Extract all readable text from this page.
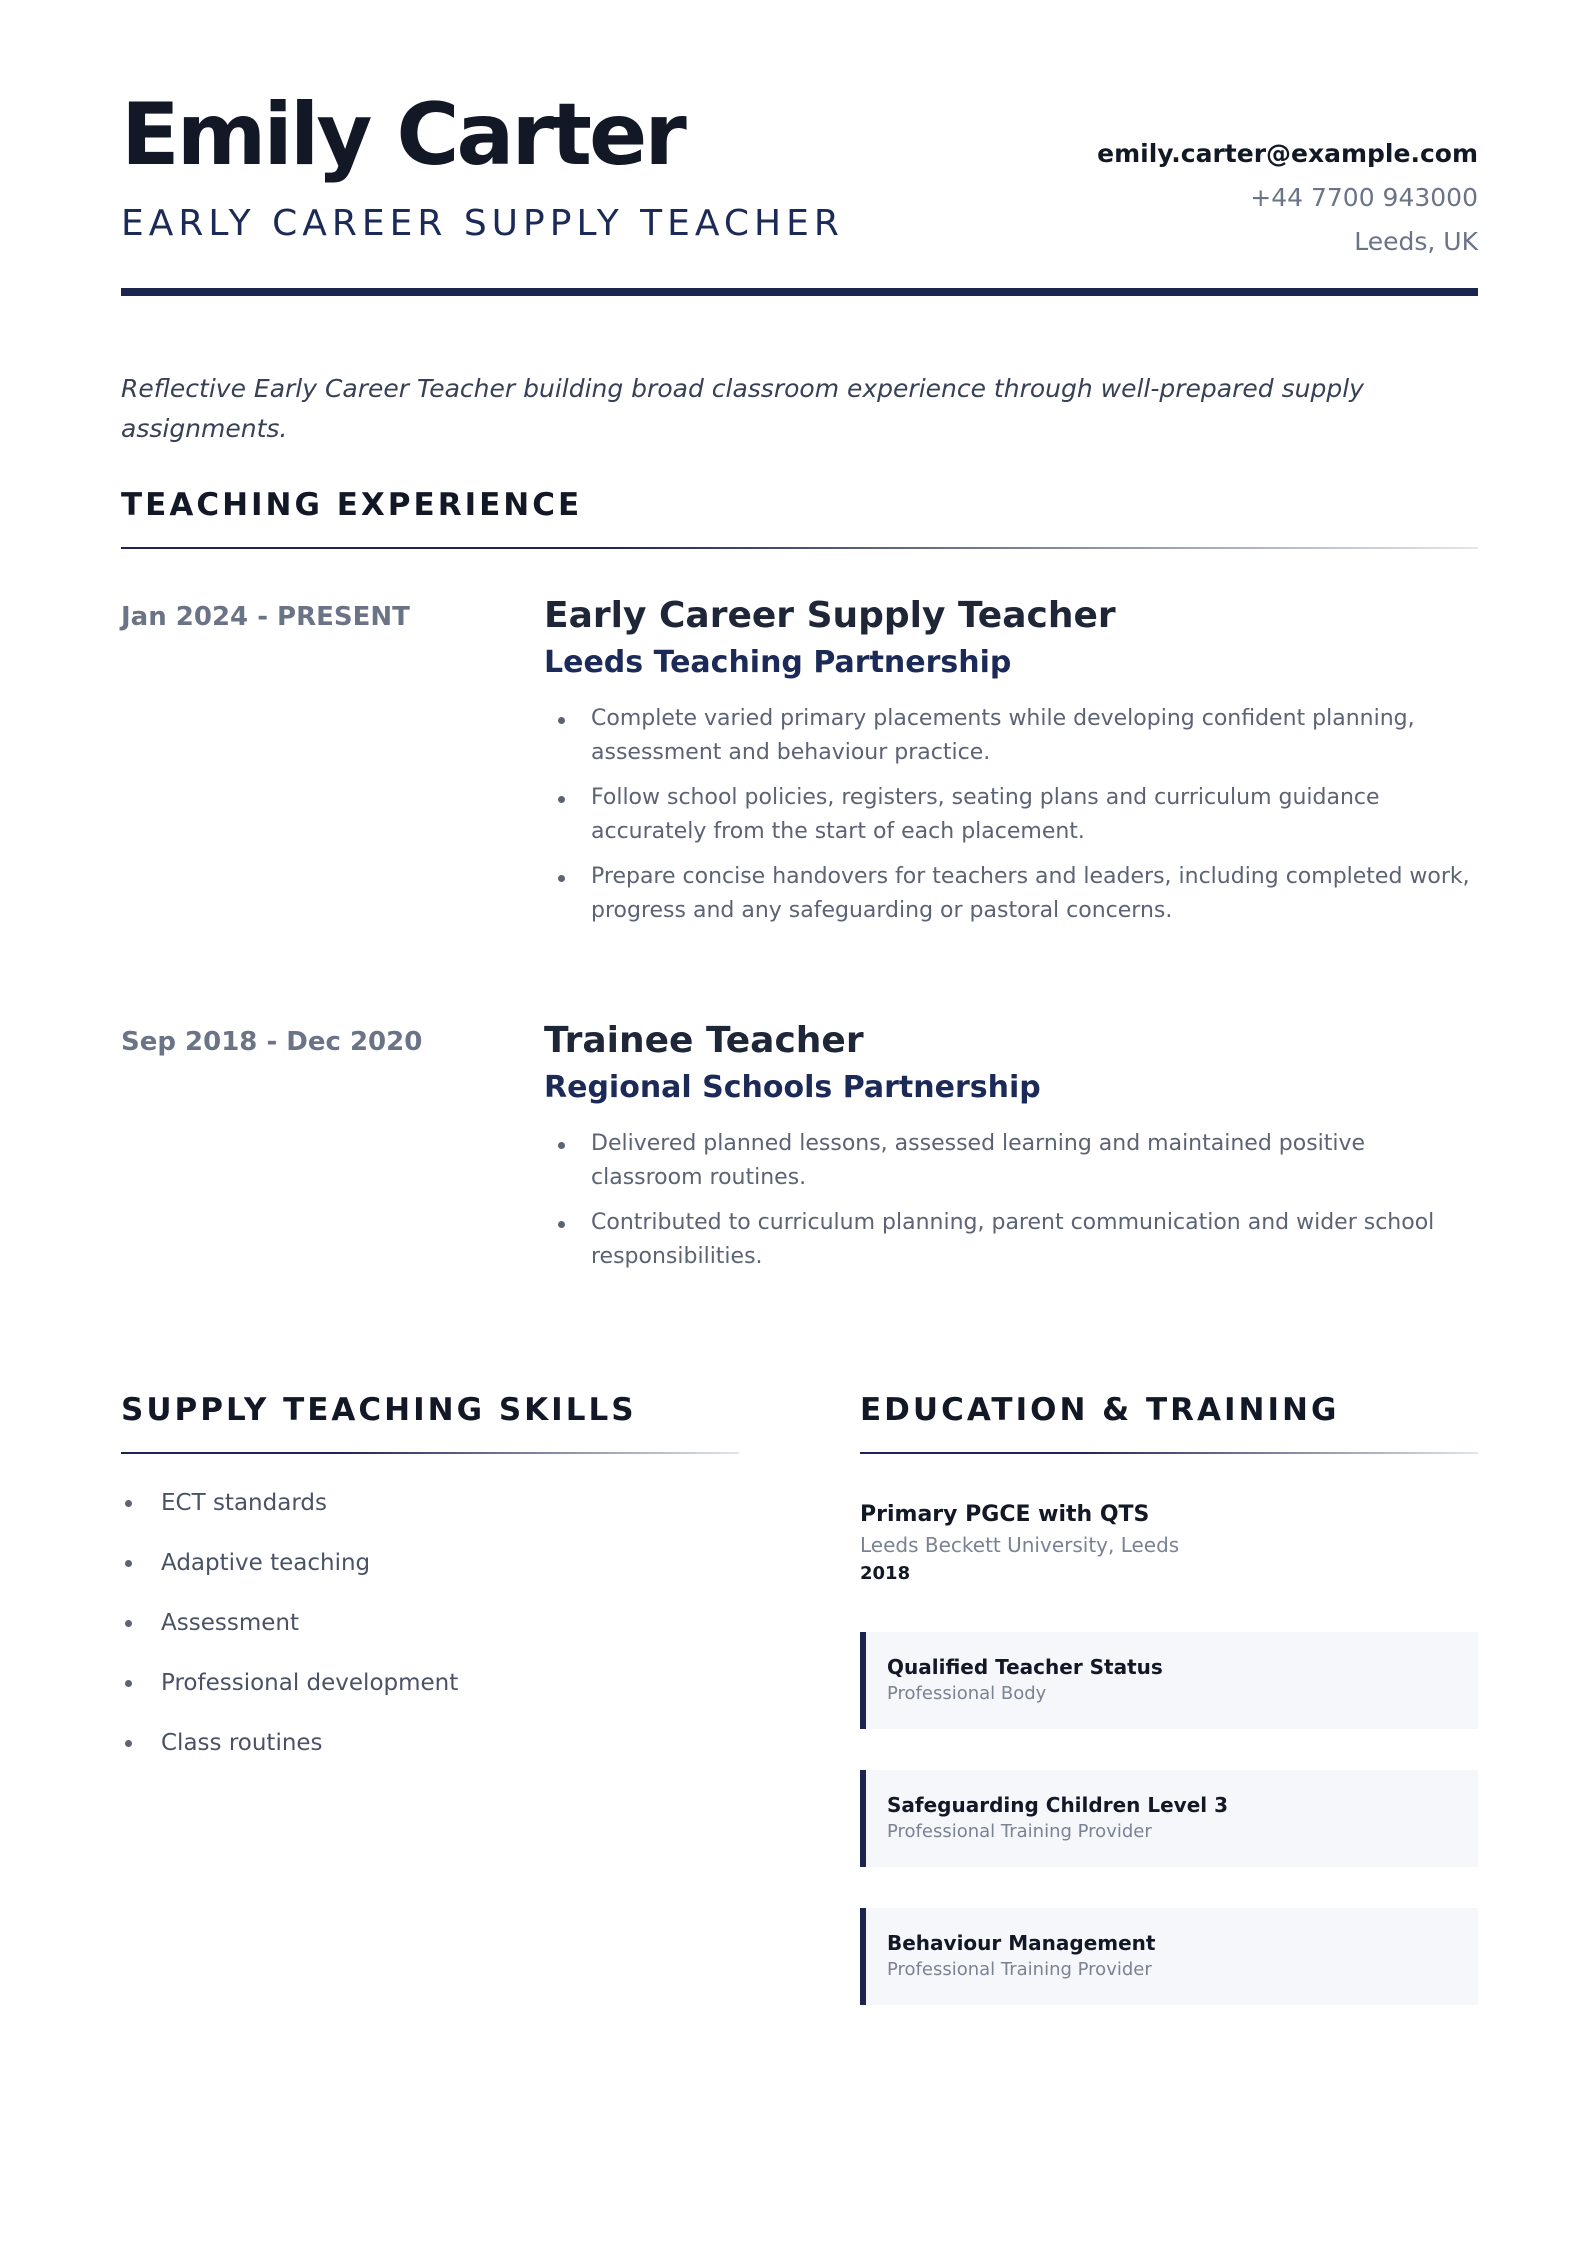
Emily Carter
EARLY CAREER SUPPLY TEACHER
emily.carter@example.com
+44 7700 943000
Leeds, UK

Reflective Early Career Teacher building broad classroom experience through well-prepared supply assignments.

TEACHING EXPERIENCE
Jan 2024 - PRESENT	Early Career Supply Teacher
Leeds Teaching Partnership
Complete varied primary placements while developing confident planning, assessment and behaviour practice.
Follow school policies, registers, seating plans and curriculum guidance accurately from the start of each placement.
Prepare concise handovers for teachers and leaders, including completed work, progress and any safeguarding or pastoral concerns.
Sep 2018 - Dec 2020	Trainee Teacher
Regional Schools Partnership
Delivered planned lessons, assessed learning and maintained positive classroom routines.
Contributed to curriculum planning, parent communication and wider school responsibilities.
SUPPLY TEACHING SKILLS
ECT standards
Adaptive teaching
Assessment
Professional development
Class routines
EDUCATION & TRAINING
Primary PGCE with QTS
Leeds Beckett University, Leeds
2018
Qualified Teacher Status
Professional Body
Safeguarding Children Level 3
Professional Training Provider
Behaviour Management
Professional Training Provider
